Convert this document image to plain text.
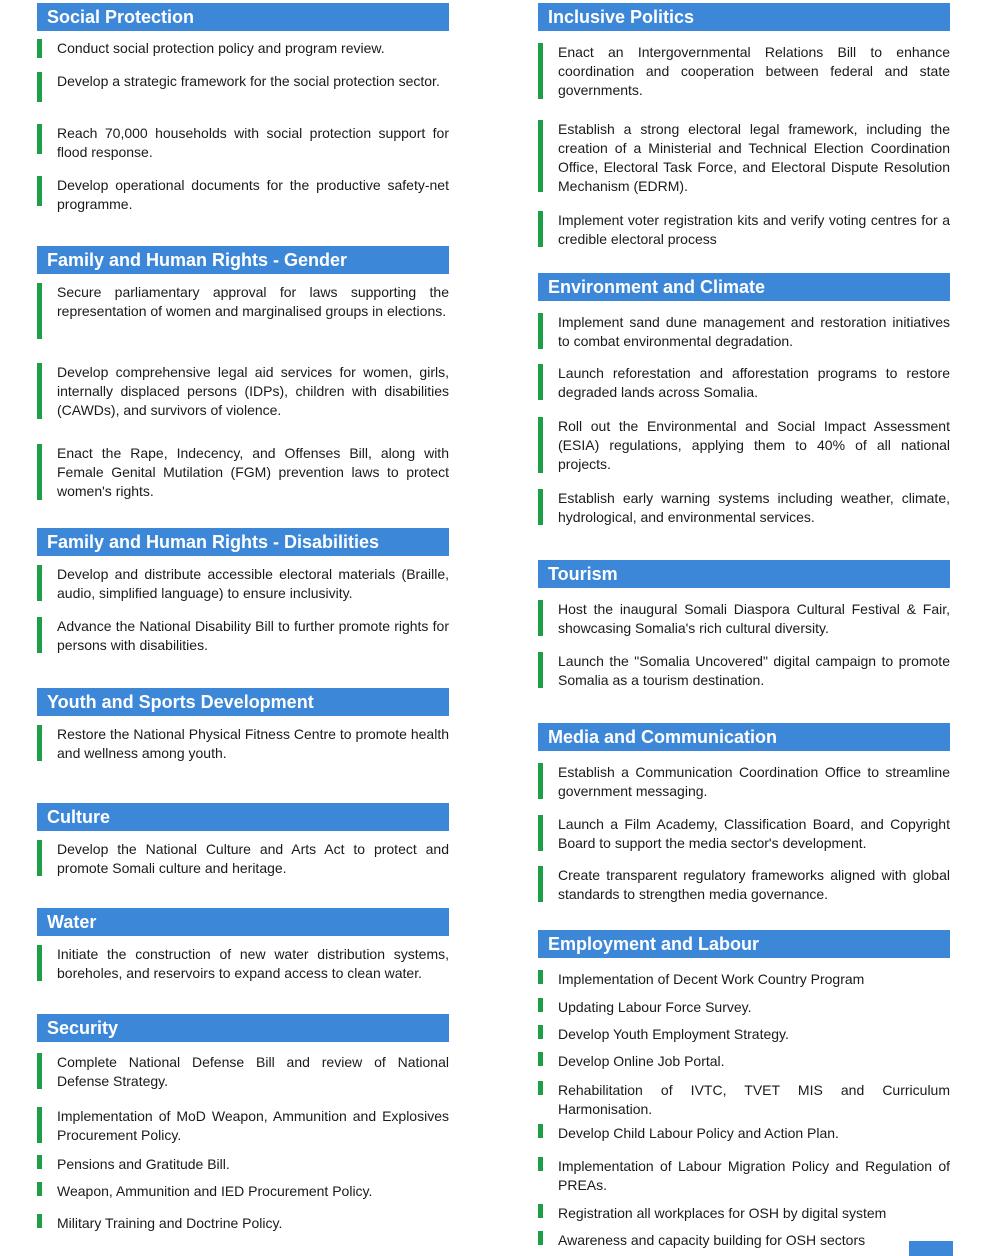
Social Protection
Conduct social protection policy and program review.
Develop a strategic framework for the social protection sector.
Reach 70,000 households with social protection support for flood response.
Develop operational documents for the productive safety-net programme.
Family and Human Rights - Gender
Secure parliamentary approval for laws supporting the representation of women and marginalised groups in elections.
Develop comprehensive legal aid services for women, girls, internally displaced persons (IDPs), children with disabilities (CAWDs), and survivors of violence.
Enact the Rape, Indecency, and Offenses Bill, along with Female Genital Mutilation (FGM) prevention laws to protect women's rights.
Family and Human Rights - Disabilities
Develop and distribute accessible electoral materials (Braille, audio, simplified language) to ensure inclusivity.
Advance the National Disability Bill to further promote rights for persons with disabilities.
Youth and Sports Development
Restore the National Physical Fitness Centre to promote health and wellness among youth.
Culture
Develop the National Culture and Arts Act to protect and promote Somali culture and heritage.
Water
Initiate the construction of new water distribution systems, boreholes, and reservoirs to expand access to clean water.
Security
Complete National Defense Bill and review of National Defense Strategy.
Implementation of MoD Weapon, Ammunition and Explosives Procurement Policy.
Pensions and Gratitude Bill.
Weapon, Ammunition and IED Procurement Policy.
Military Training and Doctrine Policy.
Inclusive Politics
Enact an Intergovernmental Relations Bill to enhance coordination and cooperation between federal and state governments.
Establish a strong electoral legal framework, including the creation of a Ministerial and Technical Election Coordination Office, Electoral Task Force, and Electoral Dispute Resolution Mechanism (EDRM).
Implement voter registration kits and verify voting centres for a credible electoral process
Environment and Climate
Implement sand dune management and restoration initiatives to combat environmental degradation.
Launch reforestation and afforestation programs to restore degraded lands across Somalia.
Roll out the Environmental and Social Impact Assessment (ESIA) regulations, applying them to 40% of all national projects.
Establish early warning systems including weather, climate, hydrological, and environmental services.
Tourism
Host the inaugural Somali Diaspora Cultural Festival & Fair, showcasing Somalia's rich cultural diversity.
Launch the "Somalia Uncovered" digital campaign to promote Somalia as a tourism destination.
Media and Communication
Establish a Communication Coordination Office to streamline government messaging.
Launch a Film Academy, Classification Board, and Copyright Board to support the media sector's development.
Create transparent regulatory frameworks aligned with global standards to strengthen media governance.
Employment and Labour
Implementation of Decent Work Country Program
Updating Labour Force Survey.
Develop Youth Employment Strategy.
Develop Online Job Portal.
Rehabilitation of IVTC, TVET MIS and Curriculum Harmonisation.
Develop Child Labour Policy and Action Plan.
Implementation of Labour Migration Policy and Regulation of PREAs.
Registration all workplaces for OSH by digital system
Awareness and capacity building for OSH sectors
